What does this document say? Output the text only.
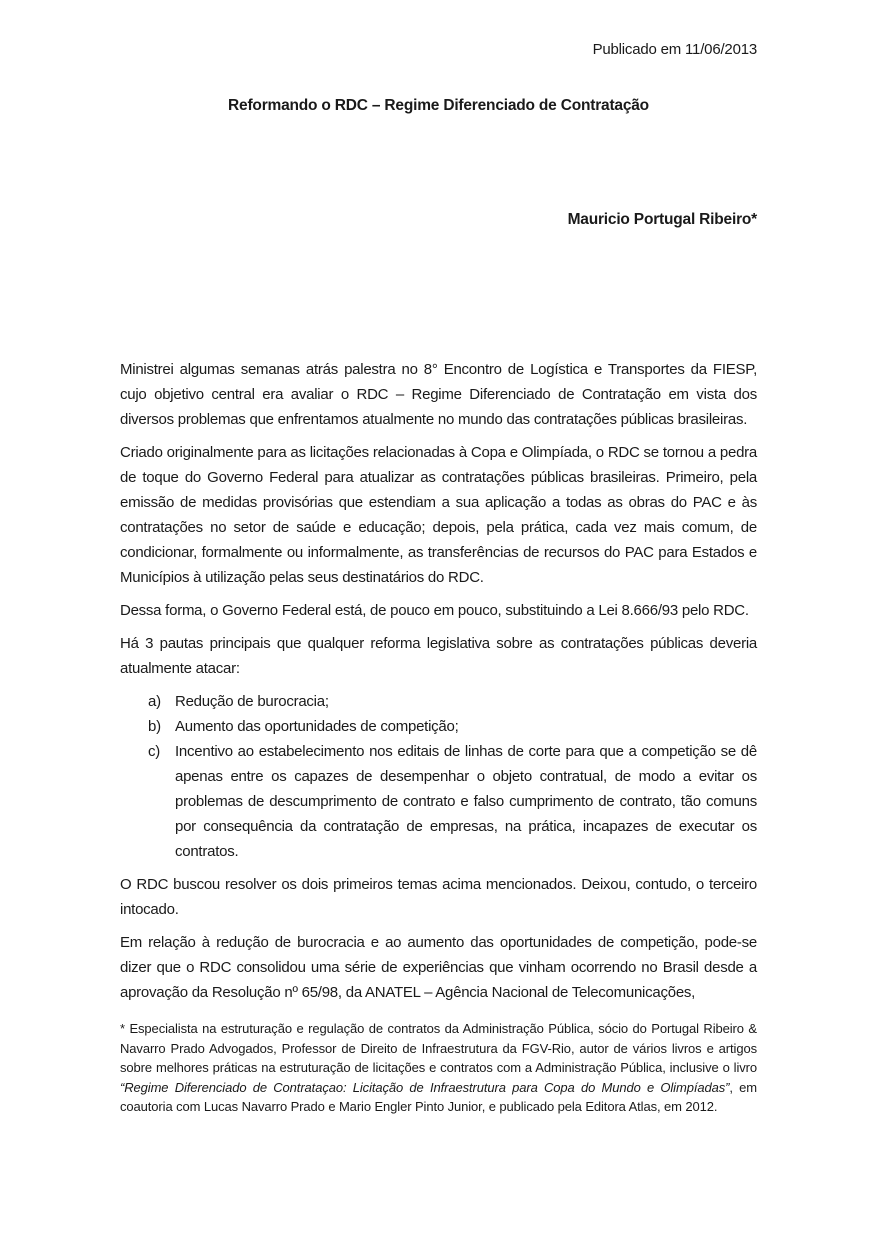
Publicado em 11/06/2013
Reformando o RDC – Regime Diferenciado de Contratação
Mauricio Portugal Ribeiro*

Ministrei algumas semanas atrás palestra no 8° Encontro de Logística e Transportes da FIESP, cujo objetivo central era avaliar o RDC – Regime Diferenciado de Contratação em vista dos diversos problemas que enfrentamos atualmente no mundo das contratações públicas brasileiras.

Criado originalmente para as licitações relacionadas à Copa e Olimpíada, o RDC se tornou a pedra de toque do Governo Federal para atualizar as contratações públicas brasileiras. Primeiro, pela emissão de medidas provisórias que estendiam a sua aplicação a todas as obras do PAC e às contratações no setor de saúde e educação; depois, pela prática, cada vez mais comum, de condicionar, formalmente ou informalmente, as transferências de recursos do PAC para Estados e Municípios à utilização pelas seus destinatários do RDC.

Dessa forma, o Governo Federal está, de pouco em pouco, substituindo a Lei 8.666/93 pelo RDC.

Há 3 pautas principais que qualquer reforma legislativa sobre as contratações públicas deveria atualmente atacar:

a) Redução de burocracia;
b) Aumento das oportunidades de competição;
c) Incentivo ao estabelecimento nos editais de linhas de corte para que a competição se dê apenas entre os capazes de desempenhar o objeto contratual, de modo a evitar os problemas de descumprimento de contrato e falso cumprimento de contrato, tão comuns por consequência da contratação de empresas, na prática, incapazes de executar os contratos.

O RDC buscou resolver os dois primeiros temas acima mencionados. Deixou, contudo, o terceiro intocado.

Em relação à redução de burocracia e ao aumento das oportunidades de competição, pode-se dizer que o RDC consolidou uma série de experiências que vinham ocorrendo no Brasil desde a aprovação da Resolução nº 65/98, da ANATEL – Agência Nacional de Telecomunicações,

* Especialista na estruturação e regulação de contratos da Administração Pública, sócio do Portugal Ribeiro & Navarro Prado Advogados, Professor de Direito de Infraestrutura da FGV-Rio, autor de vários livros e artigos sobre melhores práticas na estruturação de licitações e contratos com a Administração Pública, inclusive o livro “Regime Diferenciado de Contrataçao: Licitação de Infraestrutura para Copa do Mundo e Olimpíadas”, em coautoria com Lucas Navarro Prado e Mario Engler Pinto Junior, e publicado pela Editora Atlas, em 2012.
